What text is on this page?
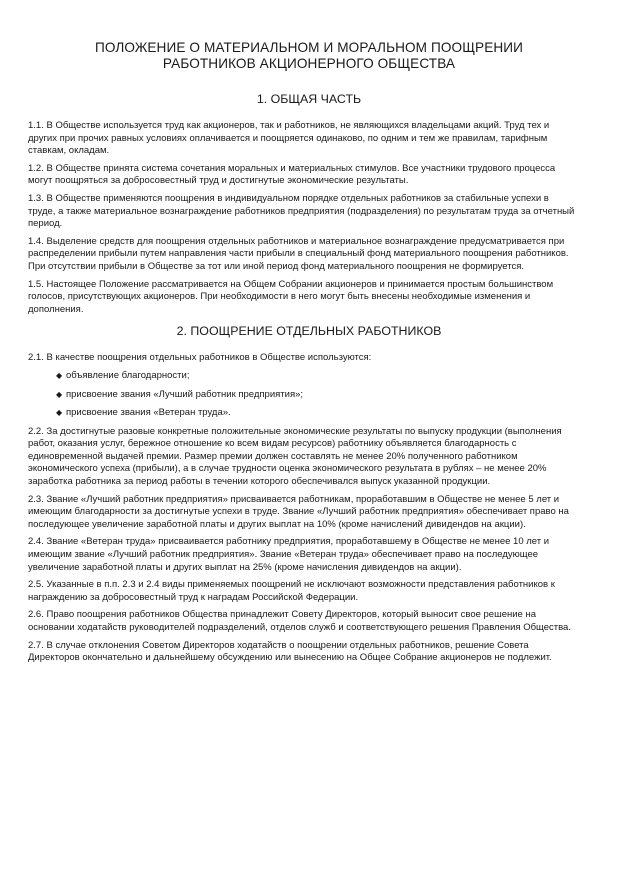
ПОЛОЖЕНИЕ О МАТЕРИАЛЬНОМ И МОРАЛЬНОМ ПООЩРЕНИИ
РАБОТНИКОВ АКЦИОНЕРНОГО ОБЩЕСТВА
1. ОБЩАЯ ЧАСТЬ

1.1. В Обществе используется труд как акционеров, так и работников, не являющихся владельцами акций. Труд тех и других при прочих равных условиях оплачивается и поощряется одинаково, по одним и тем же правилам, тарифным ставкам, окладам.

1.2. В Обществе принята система сочетания моральных и материальных стимулов. Все участники трудового процесса могут поощряться за добросовестный труд и достигнутые экономические результаты.

1.3. В Обществе применяются поощрения в индивидуальном порядке отдельных работников за стабильные успехи в труде, а также материальное вознаграждение работников предприятия (подразделения) по результатам труда за отчетный период.

1.4. Выделение средств для поощрения отдельных работников и материальное вознаграждение предусматривается при распределении прибыли путем направления части прибыли в специальный фонд материального поощрения работников. При отсутствии прибыли в Обществе за тот или иной период фонд материального поощрения не формируется.

1.5. Настоящее Положение рассматривается на Общем Собрании акционеров и принимается простым большинством голосов, присутствующих акционеров. При необходимости в него могут быть внесены необходимые изменения и дополнения.

2. ПООЩРЕНИЕ ОТДЕЛЬНЫХ РАБОТНИКОВ

2.1. В качестве поощрения отдельных работников в Обществе используются:

◆ объявление благодарности;
◆ присвоение звания «Лучший работник предприятия»;
◆ присвоение звания «Ветеран труда».

2.2. За достигнутые разовые конкретные положительные экономические результаты по выпуску продукции (выполнения работ, оказания услуг, бережное отношение ко всем видам ресурсов) работнику объявляется благодарность с единовременной выдачей премии. Размер премии должен составлять не менее 20% полученного работником экономического успеха (прибыли), а в случае трудности оценка экономического результата в рублях – не менее 20% заработка работника за период работы в течении которого обеспечивался выпуск указанной продукции.

2.3. Звание «Лучший работник предприятия» присваивается работникам, проработавшим в Обществе не менее 5 лет и имеющим благодарности за достигнутые успехи в труде. Звание «Лучший работник предприятия» обеспечивает право на последующее увеличение заработной платы и других выплат на 10% (кроме начислений дивидендов на акции).

2.4. Звание «Ветеран труда» присваивается работнику предприятия, проработавшему в Обществе не менее 10 лет и имеющим звание «Лучший работник предприятия». Звание «Ветеран труда» обеспечивает право на последующее увеличение заработной платы и других выплат на 25% (кроме начисления дивидендов на акции).

2.5. Указанные в п.п. 2.3 и 2.4 виды применяемых поощрений не исключают возможности представления работников к награждению за добросовестный труд к наградам Российской Федерации.

2.6. Право поощрения работников Общества принадлежит Совету Директоров, который выносит свое решение на основании ходатайств руководителей подразделений, отделов служб и соответствующего решения Правления Общества.

2.7. В случае отклонения Советом Директоров ходатайств о поощрении отдельных работников, решение Совета Директоров окончательно и дальнейшему обсуждению или вынесению на Общее Собрание акционеров не подлежит.
